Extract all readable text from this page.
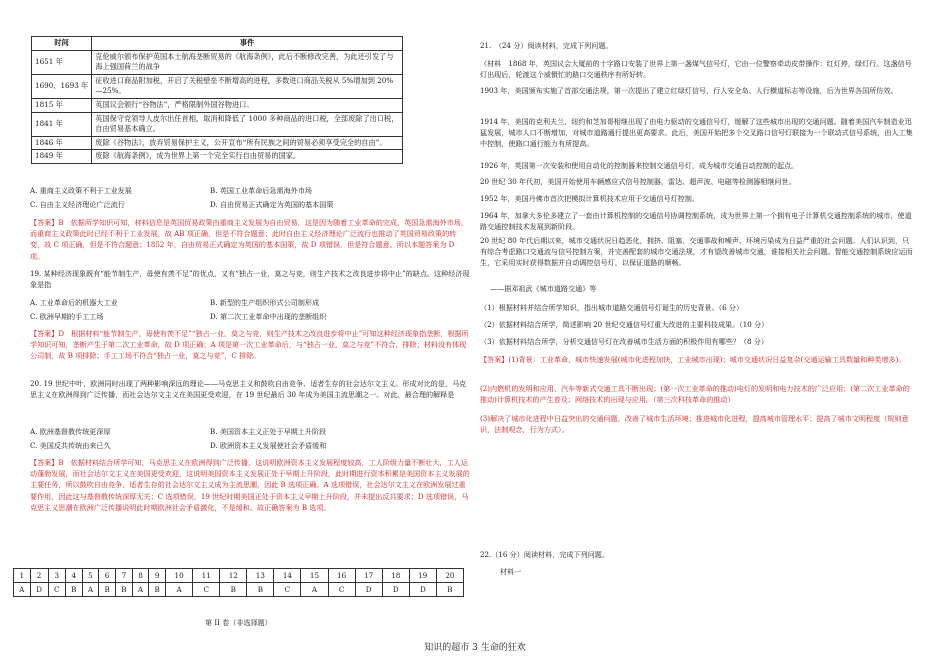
时间	事件
1651 年	克伦威尔颁布保护英国本土航海垄断贸易的《航海条例》，此后不断修改完善，为此还引发了与海上强国荷兰的战争
1690、1693 年	征收进口商品附加税，开启了关税壁垒不断增高的进程，多数进口商品关税从 5%增加到 20%—25%。
1815 年	英国议会颁行“谷物法”，严格限制外国谷物进口。
1841 年	英国保守党领导人皮尔出任首相，取消和降低了 1000 多种商品的进口税，全部废除了出口税，自由贸易基本确立。
1846 年	废除《谷物法》，放弃贸易保护主义，公开宣布“所有民族之间的贸易必须享受完全的自由”。
1849 年	废除《航海条例》，成为世界上第一个完全实行自由贸易的国家。
A. 重商主义政策不利于工业发展	B. 英国工业革命后急需海外市场
C. 自由主义经济理论广泛流行	D. 自由贸易正式确定为英国的基本国策
【答案】B　依据所学知识可知，材料信息是英国贸易政策由重商主义发展为自由贸易，这是因为随着工业革命的完成，英国急需海外市场，而重商主义政策此时已经不利于工业发展，故 AB 项正确，但是不符合题意；此时自由主义经济理论广泛流行也推动了英国贸易政策的转变，故 C 项正确，但是不符合题意；1852 年，自由贸易正式确定为英国的基本国策，故 D 项错误，但是符合题意。所以本题答案为 D 项。
19. 某种经济现象既有“能节制生产，毋使有羡不足”的优点，又有“独占一业，莫之与竞，则生产技术之改良进步将中止”的缺点。这种经济现象是指
A. 工业革命后的机器大工业	B. 新型的生产组织形式公司制形成
C. 欧洲早期的手工工场	D. 第二次工业革命中出现的垄断组织
【答案】D　根据材料“能节制生产，毋使有羡不足”“独占一业，莫之与竞，则生产技术之改良进步将中止”可知这种经济现象指垄断，根据所学知识可知，垄断产生于第二次工业革命，故 D 项正确；A 项是第一次工业革命后，与“独占一业，莫之与竞”不符合，排除；材料没有体现公司制，故 B 项排除；手工工场不符合“独占一业，莫之与竞”，C 排除。
20. 19 世纪中叶，欧洲同时出现了两种影响深远的理论——马克思主义和鼓吹自由竞争、适者生存的社会达尔文主义。形成对比的是，马克思主义在欧洲得到广泛传播，而社会达尔文主义在美国更受欢迎，在 19 世纪最后 30 年成为美国主流思潮之一。对此，最合理的解释是
A. 欧洲基督教传统更深厚	B. 美国资本主义正处于早期上升阶段
C. 美国反共传统由来已久	D. 欧洲资本主义发展使社会矛盾缓和
【答案】B　依据材料结合所学可知，马克思主义在欧洲得到广泛传播，这说明欧洲资本主义发展程度较高，工人阶级力量不断壮大，工人运动蓬勃发展，而社会达尔文主义在美国更受欢迎，这说明美国资本主义发展正处于早期上升阶段，此时期进行资本积累是美国资本主义发展的主要任务，所以鼓吹自由竞争、适者生存的社会达尔文主义成为主流思潮，因此 B 选项正确。A 选项错误，社会达尔文主义在欧洲发展过重要作用，因此这与基督教传统深厚无关；C 选项错误，19 世纪时期美国正处于资本主义早期上升阶段，并未提出反共要求；D 选项错误，马克思主义思潮在欧洲广泛传播说明此时期欧洲社会矛盾激化，不是缓和。故正确答案为 B 选项。
1	2	3	4	5	6	7	8	9	10	11	12	13	14	15	16	17	18	19	20
A	D	C	B	A	B	B	A	B	A	C	B	B	C	A	C	D	D	D	B
第 II 卷（非选择题）
21.　（24 分）阅读材料，完成下列问题。
（材料　1868 年，英国议会大厦前的十字路口安装了世界上第一盏煤气信号灯，它由一位警察牵动皮带操作：红灯停，绿灯行。这盏信号灯出现后，轮渡这个威慑忙的路口交通秩序有所好转。
1903 年，美国颁布实施了首部交通法规，第一次提出了建立红绿灯信号、行人安全岛、人行横道标志等设施，后为世界各国所仿效。
1914 年，美国的克利夫兰、纽约和芝加哥相继出现了由电力驱动的交通信号灯，缓解了这些城市出现的交通问题。随着美国汽车制造业迅猛发展，城市人口不断增加，对城市道路通行提出更高要求。此后，美国开始把多个交叉路口信号灯联接为一个联动式信号系统，由人工集中控制，使路口通行能力有所提高。
1926 年，英国第一次安装和使用自动化的控制器来控制交通信号灯，成为城市交通自动控制的起点。
20 世纪 30 年代初，美国开始使用车辆感应式信号控制器，雷达、超声波、电磁等检测器相继问世。
1952 年，美国丹佛市首次把模拟计算机技术应用于交通信号灯控制。
1964 年，加拿大多伦多建立了一套由计算机控制的交通信号协调控制系统，成为世界上第一个拥有电子计算机交通控制系统的城市，使道路交通控制技术发展到新阶段。
20 世纪 80 年代后期以来，城市交通状况日趋恶化，拥挤、阻塞、交通事故和噪声、环境污染成为日益严重的社会问题。人们认识到，只有综合考虑路口交通流与信号控制方案，并完善配套的城市交通法规，才有望改善城市交通，谁接相关社会问题。智能交通控制系统应运而生，它采用实时获得数据并自动调控信号灯，以保证道路的顺畅。
——据邓祖武《城市道路交通》等
（1）根据材料并结合所学知识，指出城市道路交通信号灯诞生的历史背景。（6 分）
（2）依据材料结合所学，简述影响 20 世纪交通信号灯重大改进的主要科技成果。（10 分）
（3）依据材料结合所学，分析交通信号灯在改善城市生活方面的积极作用有哪些？（8 分）
【答案】(1)背景：工业革命，城市快速发展(城市化进程加快，工业城市出现)；城市交通状况日益复杂(交通运输工具数量和种类增多)。
(2)内燃机的发明和应用、汽车等新式交通工具不断出现；(第一次工业革命的推动)电灯的发明和电力技术的广泛应用；(第二次工业革命的推动)计算机技术的产生普及；网络技术的出现与应用。（第三次科技革命的推动）
(3)解决了城市化进程中日益突出的交通问题，改善了城市生活环境；推进城市化进程，提高城市管理水平；提高了城市文明程度（规则意识，法制观念，行为方式）。
22.（16 分）阅读材料，完成下列问题。
材料一
知识的超市 3 生命的狂欢
